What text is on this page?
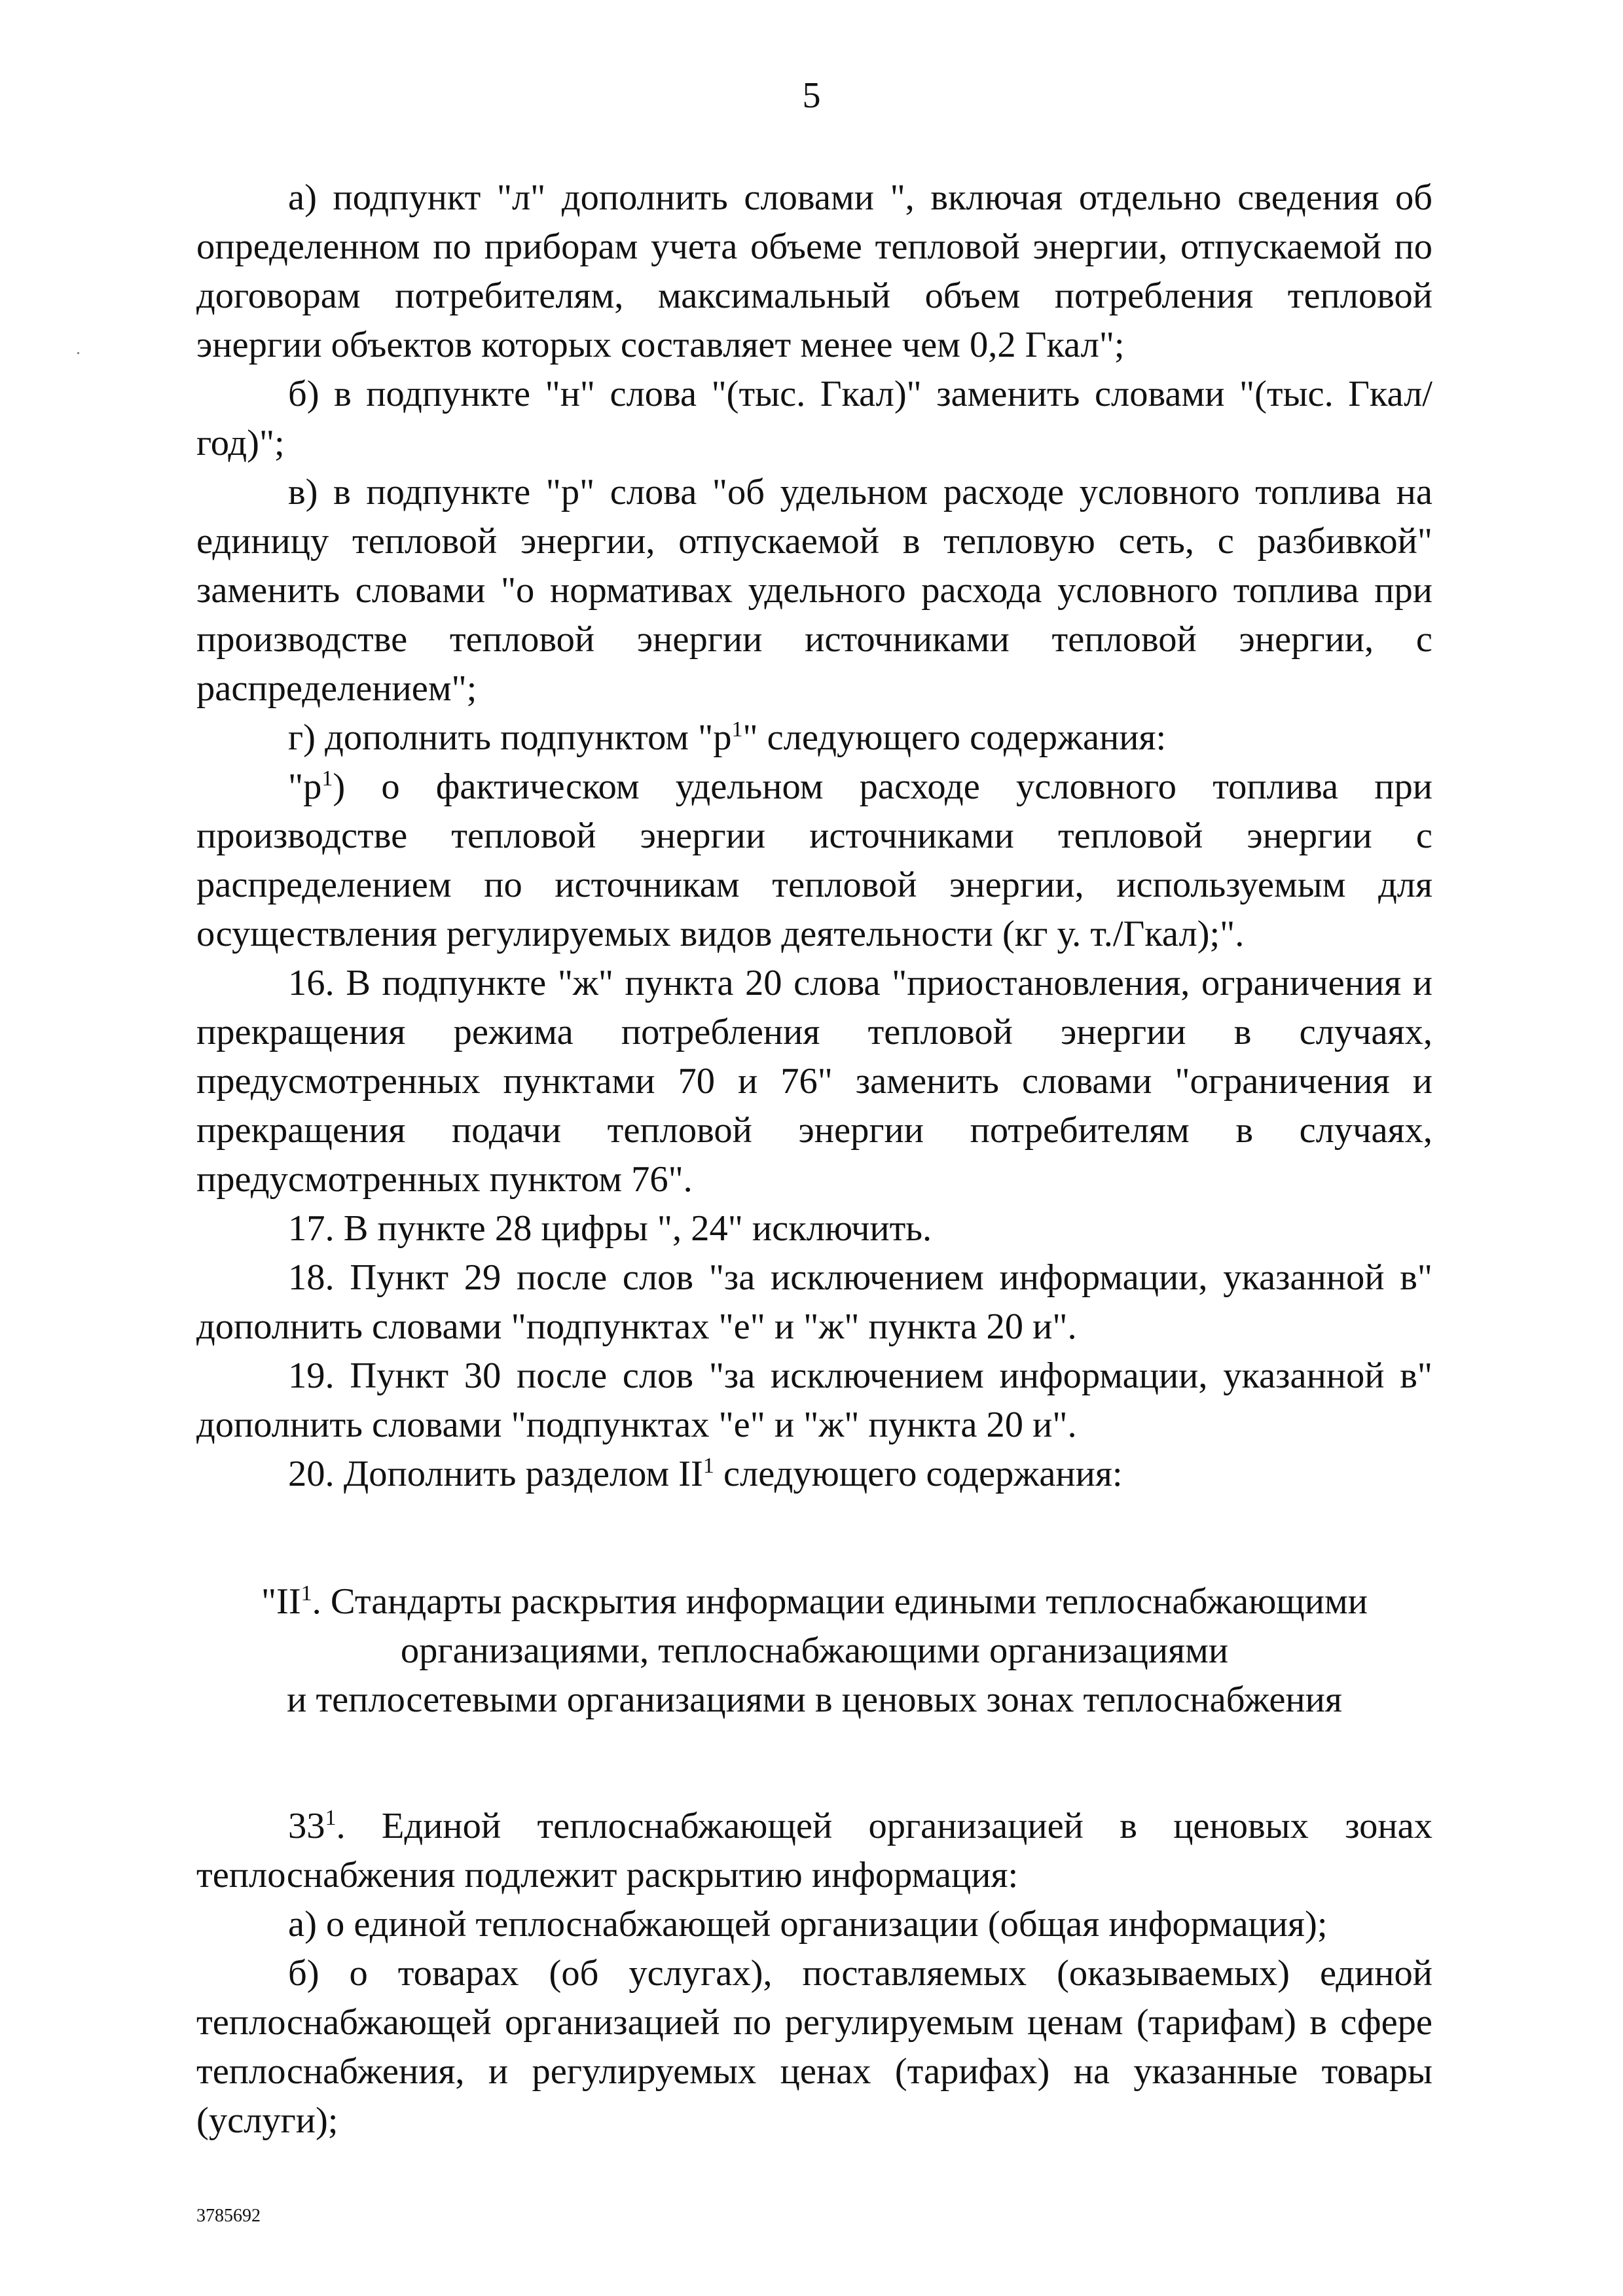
5

а) подпункт "л" дополнить словами ", включая отдельно сведения об определенном по приборам учета объеме тепловой энергии, отпускаемой по договорам потребителям, максимальный объем потребления тепловой энергии объектов которых составляет менее чем 0,2 Гкал";

б) в подпункте "н" слова "(тыс. Гкал)" заменить словами "(тыс. Гкал/год)";

в) в подпункте "р" слова "об удельном расходе условного топлива на единицу тепловой энергии, отпускаемой в тепловую сеть, с разбивкой" заменить словами "о нормативах удельного расхода условного топлива при производстве тепловой энергии источниками тепловой энергии, с распределением";

г) дополнить подпунктом "$р^1$" следующего содержания:

"$р^1$) о фактическом удельном расходе условного топлива при производстве тепловой энергии источниками тепловой энергии с распределением по источникам тепловой энергии, используемым для осуществления регулируемых видов деятельности (кг у. т./Гкал);".

16. В подпункте "ж" пункта 20 слова "приостановления, ограничения и прекращения режима потребления тепловой энергии в случаях, предусмотренных пунктами 70 и 76" заменить словами "ограничения и прекращения подачи тепловой энергии потребителям в случаях, предусмотренных пунктом 76".

17. В пункте 28 цифры ", 24" исключить.

18. Пункт 29 после слов "за исключением информации, указанной в" дополнить словами "подпунктах "е" и "ж" пункта 20 и".

19. Пункт 30 после слов "за исключением информации, указанной в" дополнить словами "подпунктах "е" и "ж" пункта 20 и".

20. Дополнить разделом $II^1$ следующего содержания:

"$II^1$. Стандарты раскрытия информации едиными теплоснабжающими
организациями, теплоснабжающими организациями
и теплосетевыми организациями в ценовых зонах теплоснабжения

$33^1$. Единой теплоснабжающей организацией в ценовых зонах теплоснабжения подлежит раскрытию информация:

а) о единой теплоснабжающей организации (общая информация);

б) о товарах (об услугах), поставляемых (оказываемых) единой теплоснабжающей организацией по регулируемым ценам (тарифам) в сфере теплоснабжения, и регулируемых ценах (тарифах) на указанные товары (услуги);

3785692
